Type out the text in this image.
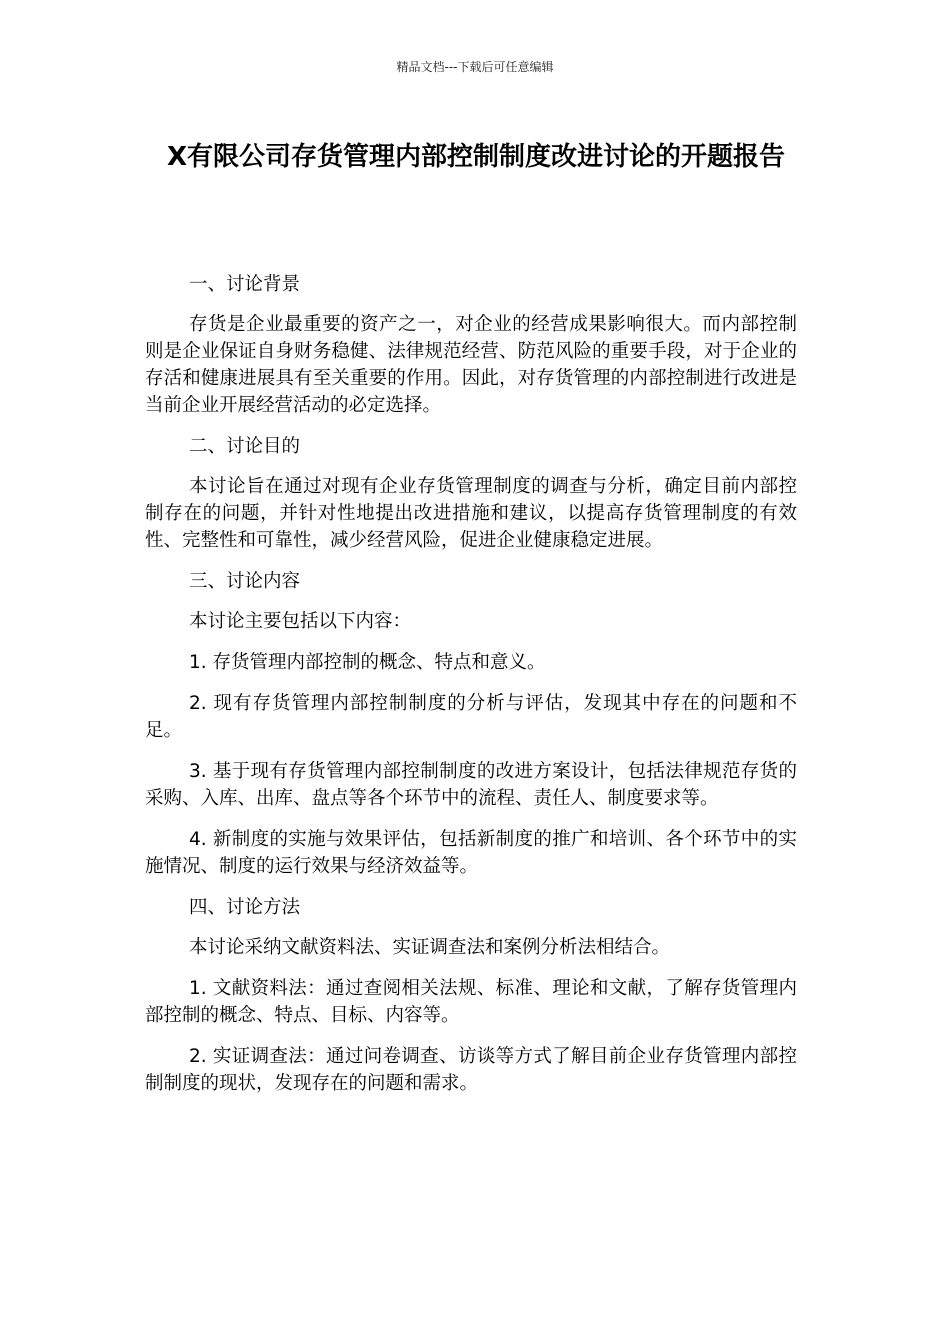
精品文档---下载后可任意编辑
X有限公司存货管理内部控制制度改进讨论的开题报告

一、讨论背景

存货是企业最重要的资产之一，对企业的经营成果影响很大。而内部控制则是企业保证自身财务稳健、法律规范经营、防范风险的重要手段，对于企业的存活和健康进展具有至关重要的作用。因此，对存货管理的内部控制进行改进是当前企业开展经营活动的必定选择。

二、讨论目的

本讨论旨在通过对现有企业存货管理制度的调查与分析，确定目前内部控制存在的问题，并针对性地提出改进措施和建议，以提高存货管理制度的有效性、完整性和可靠性，减少经营风险，促进企业健康稳定进展。

三、讨论内容

本讨论主要包括以下内容：

1. 存货管理内部控制的概念、特点和意义。

2. 现有存货管理内部控制制度的分析与评估，发现其中存在的问题和不足。

3. 基于现有存货管理内部控制制度的改进方案设计，包括法律规范存货的采购、入库、出库、盘点等各个环节中的流程、责任人、制度要求等。

4. 新制度的实施与效果评估，包括新制度的推广和培训、各个环节中的实施情况、制度的运行效果与经济效益等。

四、讨论方法

本讨论采纳文献资料法、实证调查法和案例分析法相结合。

1. 文献资料法：通过查阅相关法规、标准、理论和文献，了解存货管理内部控制的概念、特点、目标、内容等。

2. 实证调查法：通过问卷调查、访谈等方式了解目前企业存货管理内部控制制度的现状，发现存在的问题和需求。
